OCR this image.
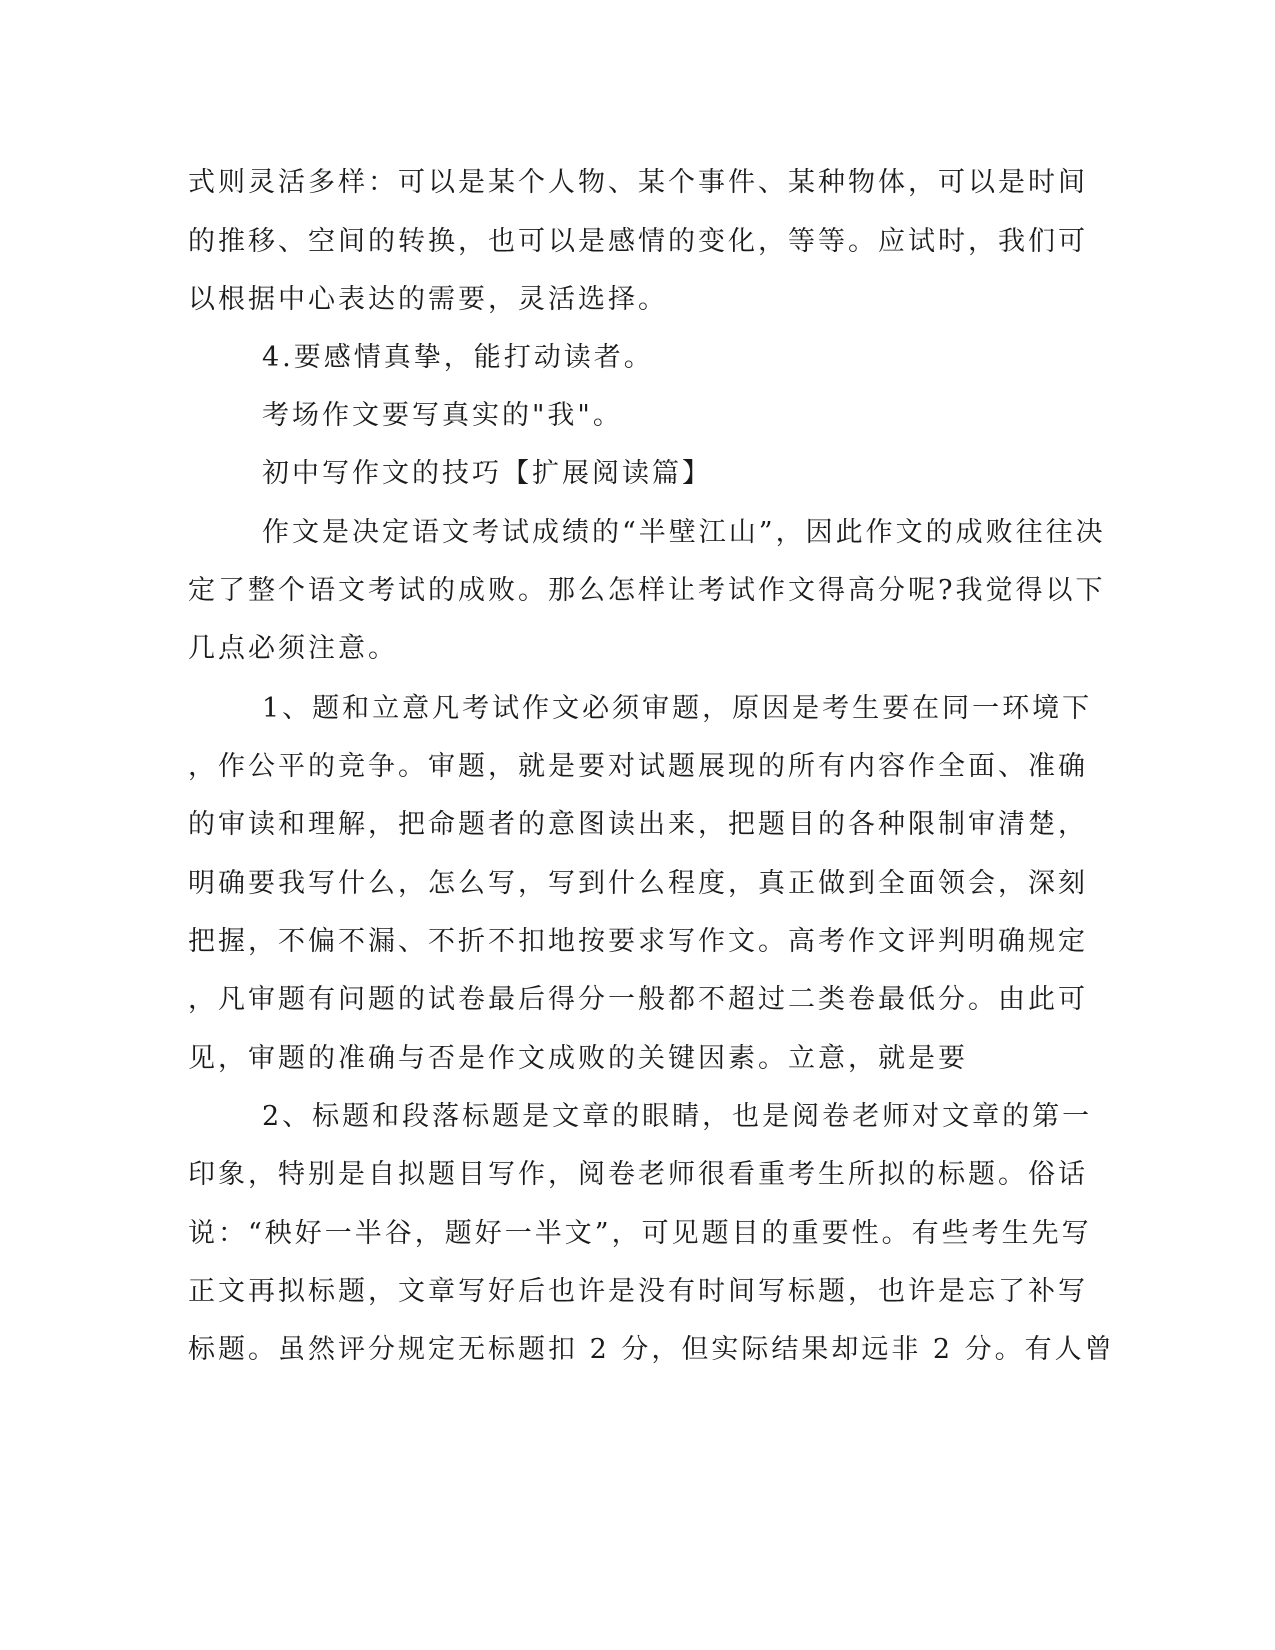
式则灵活多样：可以是某个人物、某个事件、某种物体，可以是时间

的推移、空间的转换，也可以是感情的变化，等等。应试时，我们可

以根据中心表达的需要，灵活选择。

4.要感情真挚，能打动读者。

考场作文要写真实的"我"。

初中写作文的技巧【扩展阅读篇】

作文是决定语文考试成绩的“半壁江山”，因此作文的成败往往决

定了整个语文考试的成败。那么怎样让考试作文得高分呢?我觉得以下

几点必须注意。

1、题和立意凡考试作文必须审题，原因是考生要在同一环境下

，作公平的竞争。审题，就是要对试题展现的所有内容作全面、准确

的审读和理解，把命题者的意图读出来，把题目的各种限制审清楚，

明确要我写什么，怎么写，写到什么程度，真正做到全面领会，深刻

把握，不偏不漏、不折不扣地按要求写作文。高考作文评判明确规定

，凡审题有问题的试卷最后得分一般都不超过二类卷最低分。由此可

见，审题的准确与否是作文成败的关键因素。立意，就是要

2、标题和段落标题是文章的眼睛，也是阅卷老师对文章的第一

印象，特别是自拟题目写作，阅卷老师很看重考生所拟的标题。俗话

说：“秧好一半谷，题好一半文”，可见题目的重要性。有些考生先写

正文再拟标题，文章写好后也许是没有时间写标题，也许是忘了补写

标题。虽然评分规定无标题扣 2 分，但实际结果却远非 2 分。有人曾
